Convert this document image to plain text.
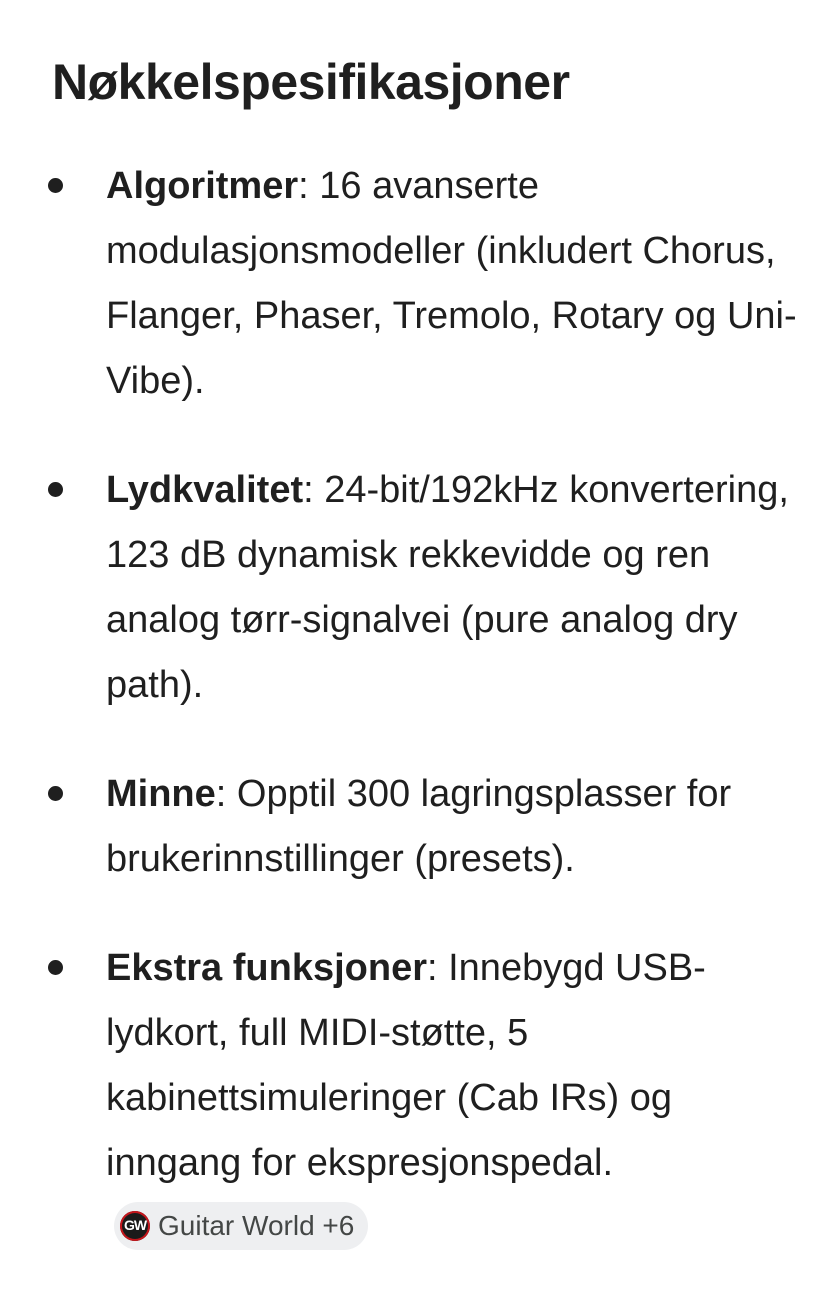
Nøkkelspesifikasjoner
Algoritmer: 16 avanserte modulasjonsmodeller (inkludert Chorus, Flanger, Phaser, Tremolo, Rotary og Uni-Vibe).
Lydkvalitet: 24-bit/192kHz konvertering, 123 dB dynamisk rekkevidde og ren analog tørr-signalvei (pure analog dry path).
Minne: Opptil 300 lagringsplasser for brukerinnstillinger (presets).
Ekstra funksjoner: Innebygd USB-lydkort, full MIDI-støtte, 5 kabinettsimuleringer (Cab IRs) og inngang for ekspresjonspedal.
GW Guitar World +6
